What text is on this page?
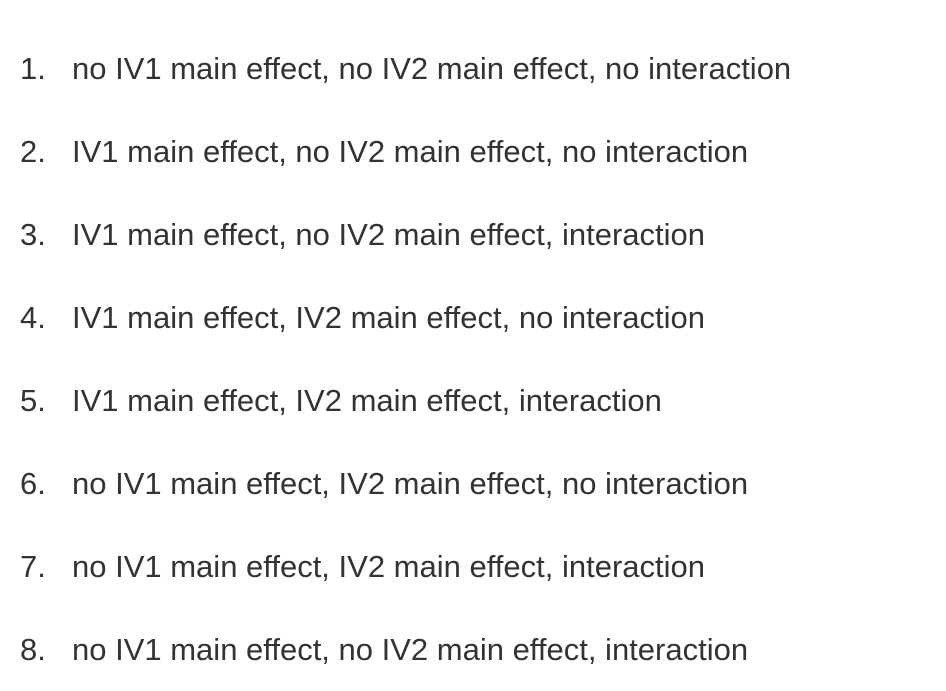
1. no IV1 main effect, no IV2 main effect, no interaction
2. IV1 main effect, no IV2 main effect, no interaction
3. IV1 main effect, no IV2 main effect, interaction
4. IV1 main effect, IV2 main effect, no interaction
5. IV1 main effect, IV2 main effect, interaction
6. no IV1 main effect, IV2 main effect, no interaction
7. no IV1 main effect, IV2 main effect, interaction
8. no IV1 main effect, no IV2 main effect, interaction
